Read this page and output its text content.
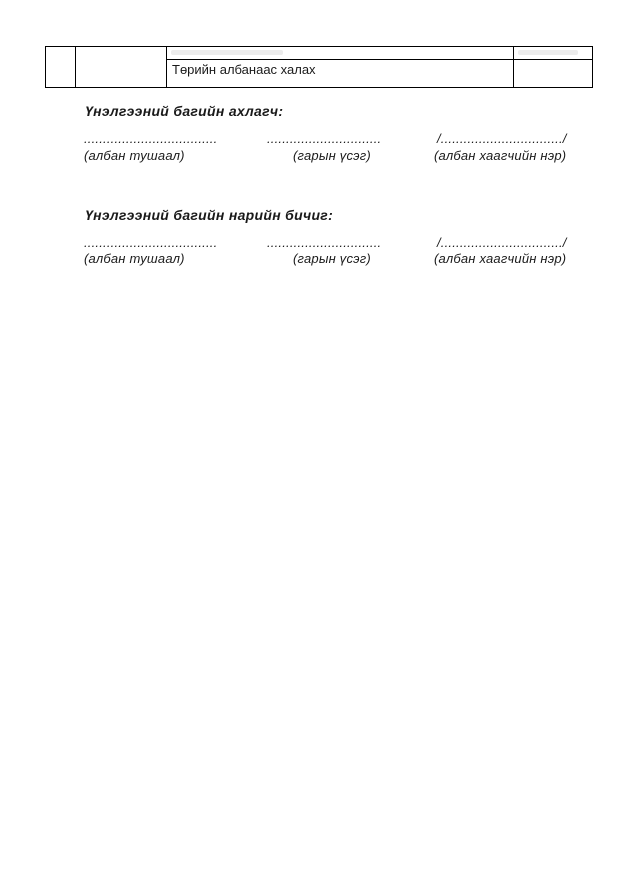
		Төрийн албанаас халах	

Үнэлгээний багийн ахлагч:
...................................	..............................	/................................/
(албан тушаал)	(гарын үсэг)	(албан хаагчийн нэр)
Үнэлгээний багийн нарийн бичиг:
...................................	..............................	/................................/
(албан тушаал)	(гарын үсэг)	(албан хаагчийн нэр)
